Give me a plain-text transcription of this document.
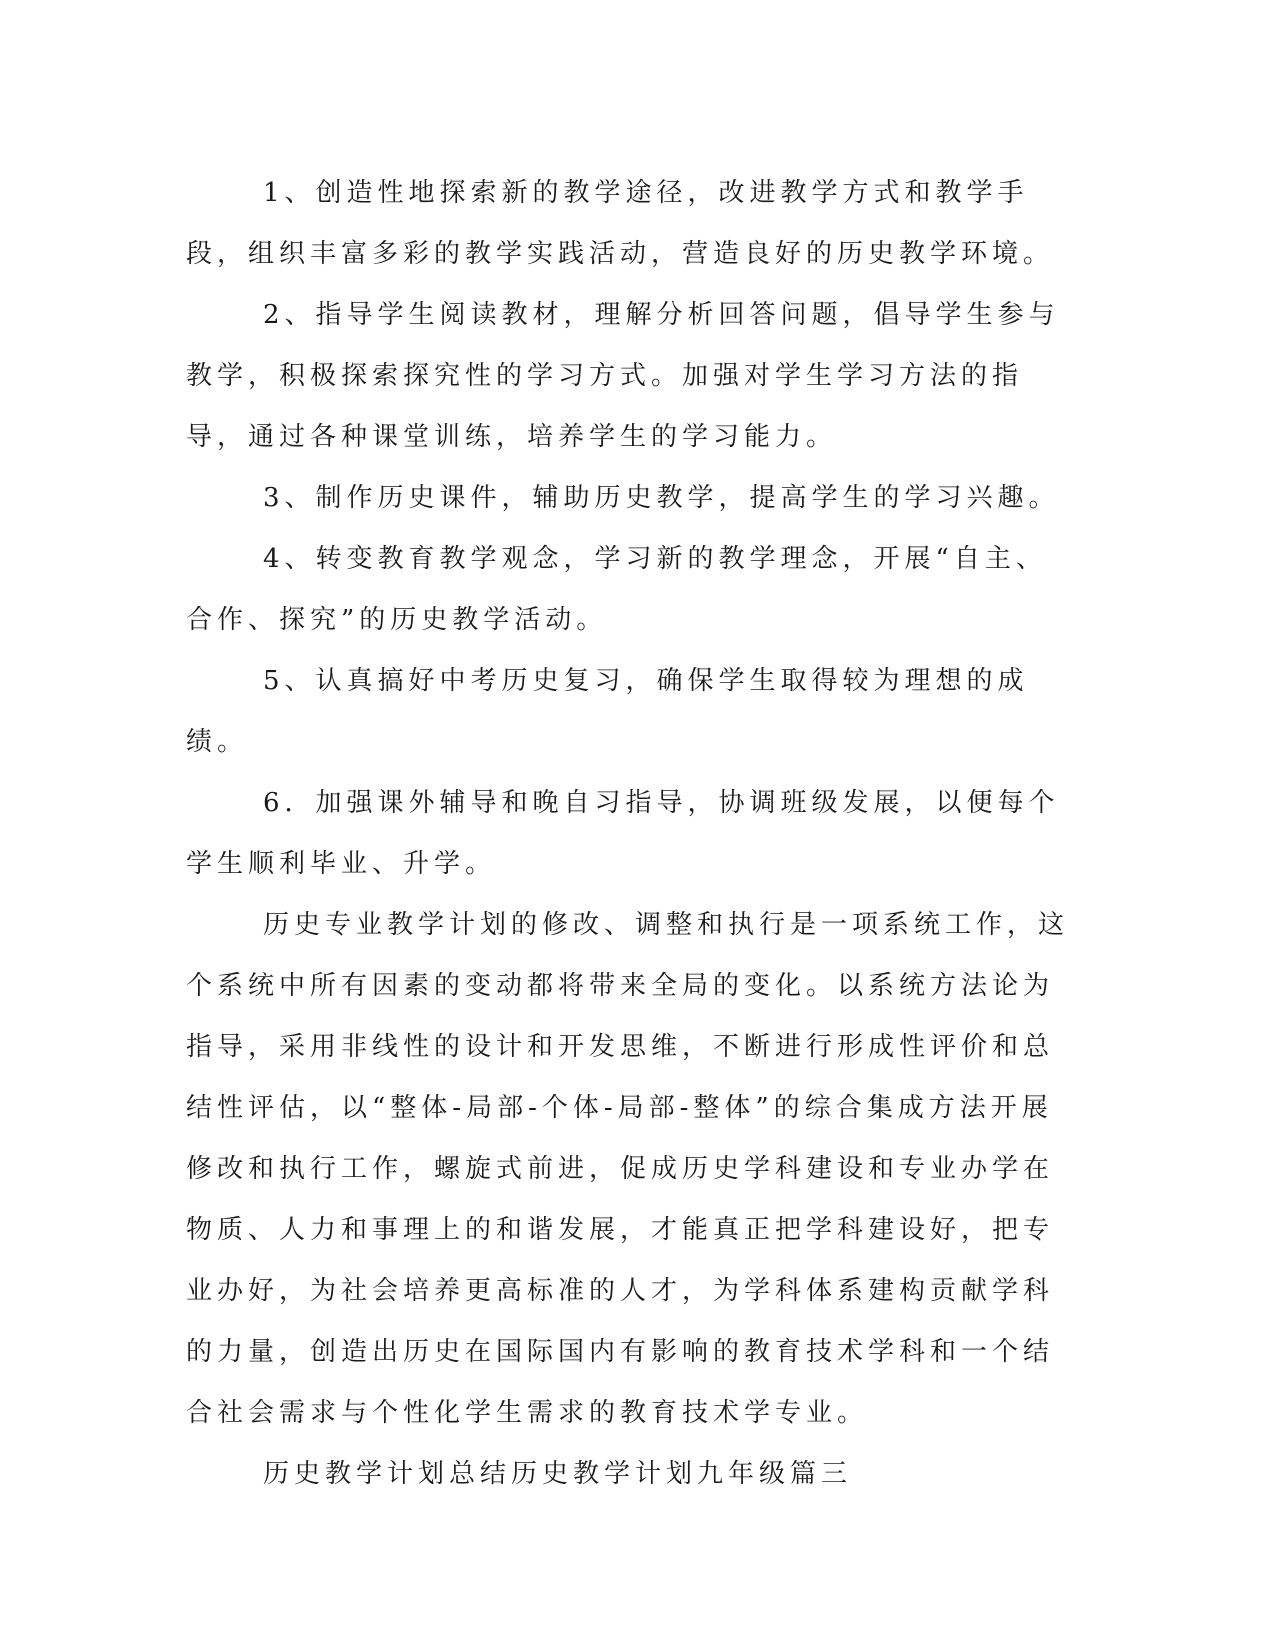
1、创造性地探索新的教学途径，改进教学方式和教学手段，组织丰富多彩的教学实践活动，营造良好的历史教学环境。

2、指导学生阅读教材，理解分析回答问题，倡导学生参与教学，积极探索探究性的学习方式。加强对学生学习方法的指导，通过各种课堂训练，培养学生的学习能力。

3、制作历史课件，辅助历史教学，提高学生的学习兴趣。

4、转变教育教学观念，学习新的教学理念，开展“自主、合作、探究”的历史教学活动。

5、认真搞好中考历史复习，确保学生取得较为理想的成绩。

6．加强课外辅导和晚自习指导，协调班级发展，以便每个学生顺利毕业、升学。

历史专业教学计划的修改、调整和执行是一项系统工作，这个系统中所有因素的变动都将带来全局的变化。以系统方法论为指导，采用非线性的设计和开发思维，不断进行形成性评价和总结性评估，以“整体-局部-个体-局部-整体”的综合集成方法开展修改和执行工作，螺旋式前进，促成历史学科建设和专业办学在物质、人力和事理上的和谐发展，才能真正把学科建设好，把专业办好，为社会培养更高标准的人才，为学科体系建构贡献学科的力量，创造出历史在国际国内有影响的教育技术学科和一个结合社会需求与个性化学生需求的教育技术学专业。

历史教学计划总结历史教学计划九年级篇三
